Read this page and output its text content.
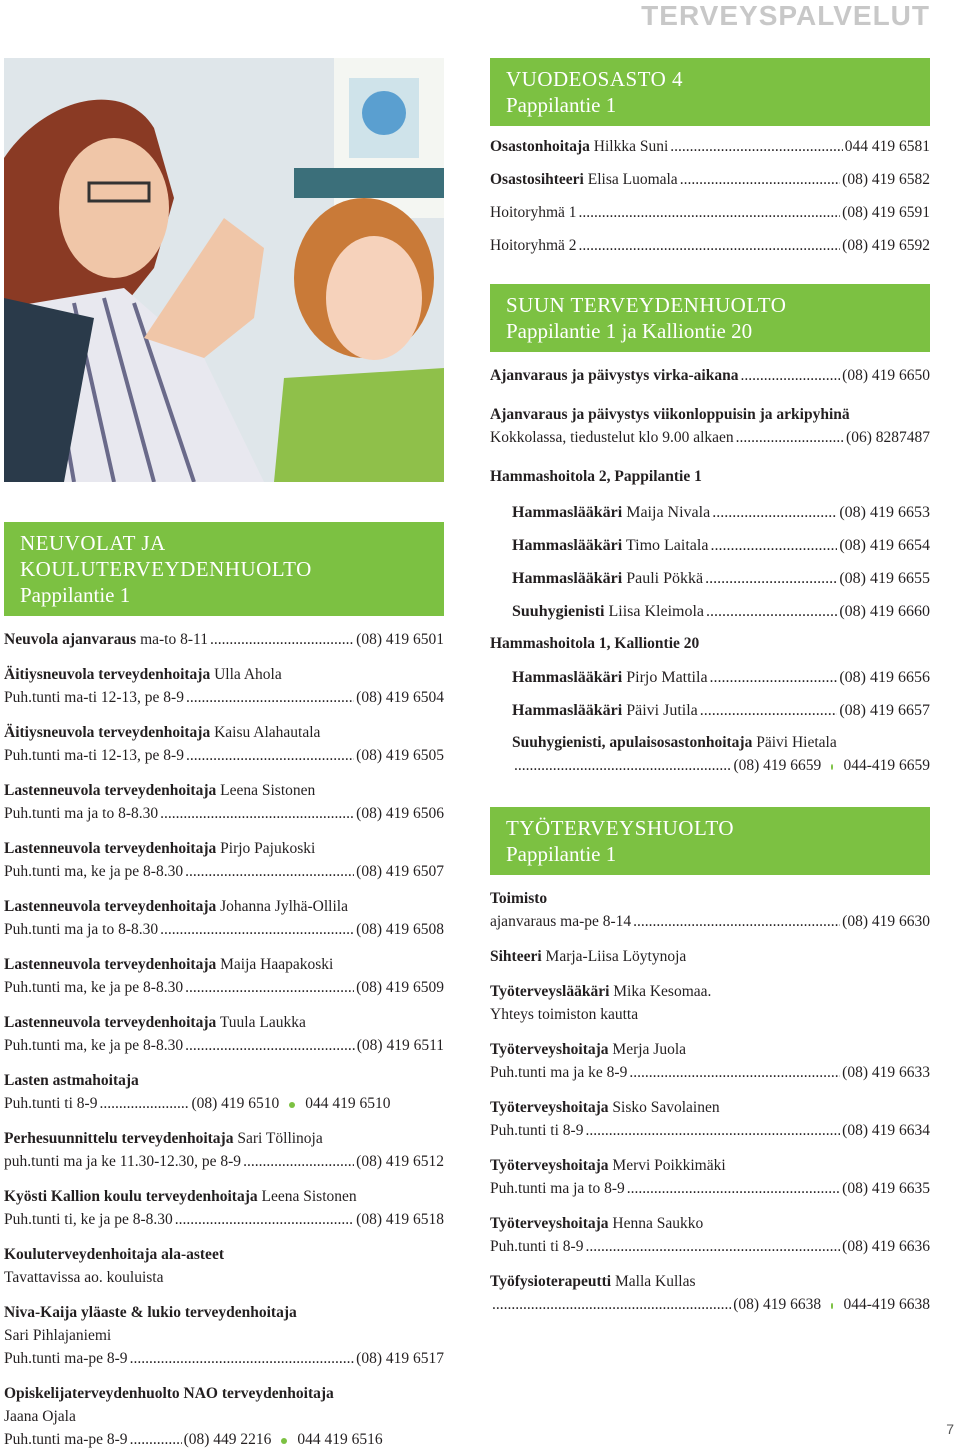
TERVEYSPALVELUT
NEUVOLAT JA KOULUTERVEYDENHUOLTO
Pappilantie 1
Neuvola ajanvaraus ma-to 8-11 .....	(08) 419 6501
Äitiysneuvola terveydenhoitaja Ulla Ahola
Puh.tunti ma-ti 12-13, pe 8-9 .....	(08) 419 6504
Äitiysneuvola terveydenhoitaja Kaisu Alahautala
Puh.tunti ma-ti 12-13, pe 8-9 .....	(08) 419 6505
Lastenneuvola terveydenhoitaja Leena Sistonen
Puh.tunti ma ja to 8-8.30 .....	(08) 419 6506
Lastenneuvola terveydenhoitaja Pirjo Pajukoski
Puh.tunti ma, ke ja pe 8-8.30 .....	(08) 419 6507
Lastenneuvola terveydenhoitaja Johanna Jylhä-Ollila
Puh.tunti ma ja to 8-8.30 .....	(08) 419 6508
Lastenneuvola terveydenhoitaja Maija Haapakoski
Puh.tunti ma, ke ja pe 8-8.30 .....	(08) 419 6509
Lastenneuvola terveydenhoitaja Tuula Laukka
Puh.tunti ma, ke ja pe 8-8.30 .....	(08) 419 6511
Lasten astmahoitaja
Puh.tunti ti 8-9 .....	(08) 419 6510 044 419 6510
Perhesuunnittelu terveydenhoitaja Sari Töllinoja
puh.tunti ma ja ke 11.30-12.30, pe 8-9 .....	(08) 419 6512
Kyösti Kallion koulu terveydenhoitaja Leena Sistonen
Puh.tunti ti, ke ja pe 8-8.30 .....	(08) 419 6518
Kouluterveydenhoitaja ala-asteet
Tavattavissa ao. kouluista
Niva-Kaija yläaste & lukio terveydenhoitaja
Sari Pihlajaniemi
Puh.tunti ma-pe 8-9 .....	(08) 419 6517
Opiskelijaterveydenhuolto NAO terveydenhoitaja
Jaana Ojala
Puh.tunti ma-pe 8-9 .....	(08) 449 2216 044 419 6516
VUODEOSASTO 4
Pappilantie 1
Osastonhoitaja Hilkka Suni .....	044 419 6581
Osastosihteeri Elisa Luomala .....	(08) 419 6582
Hoitoryhmä 1 .....	(08) 419 6591
Hoitoryhmä 2 .....	(08) 419 6592
SUUN TERVEYDENHUOLTO
Pappilantie 1 ja Kalliontie 20
Ajanvaraus ja päivystys virka-aikana .....	(08) 419 6650
Ajanvaraus ja päivystys viikonloppuisin ja arkipyhinä
Kokkolassa, tiedustelut klo 9.00 alkaen .....	(06) 8287487
Hammashoitola 2, Pappilantie 1
Hammaslääkäri Maija Nivala .....	(08) 419 6653
Hammaslääkäri Timo Laitala .....	(08) 419 6654
Hammaslääkäri Pauli Pökkä .....	(08) 419 6655
Suuhygienisti Liisa Kleimola .....	(08) 419 6660
Hammashoitola 1, Kalliontie 20
Hammaslääkäri Pirjo Mattila .....	(08) 419 6656
Hammaslääkäri Päivi Jutila .....	(08) 419 6657
Suuhygienisti, apulaisosastonhoitaja Päivi Hietala
.....
(08) 419 6659 044-419 6659
TYÖTERVEYSHUOLTO
Pappilantie 1
Toimisto
ajanvaraus ma-pe 8-14 .....	(08) 419 6630
Sihteeri Marja-Liisa Löytynoja
Työterveyslääkäri Mika Kesomaa.
Yhteys toimiston kautta
Työterveyshoitaja Merja Juola
Puh.tunti ma ja ke 8-9 .....	(08) 419 6633
Työterveyshoitaja Sisko Savolainen
Puh.tunti ti 8-9 .....	(08) 419 6634
Työterveyshoitaja Mervi Poikkimäki
Puh.tunti ma ja to 8-9 .....	(08) 419 6635
Työterveyshoitaja Henna Saukko
Puh.tunti ti 8-9 .....	(08) 419 6636
Työfysioterapeutti Malla Kullas
.....
(08) 419 6638 044-419 6638
7
